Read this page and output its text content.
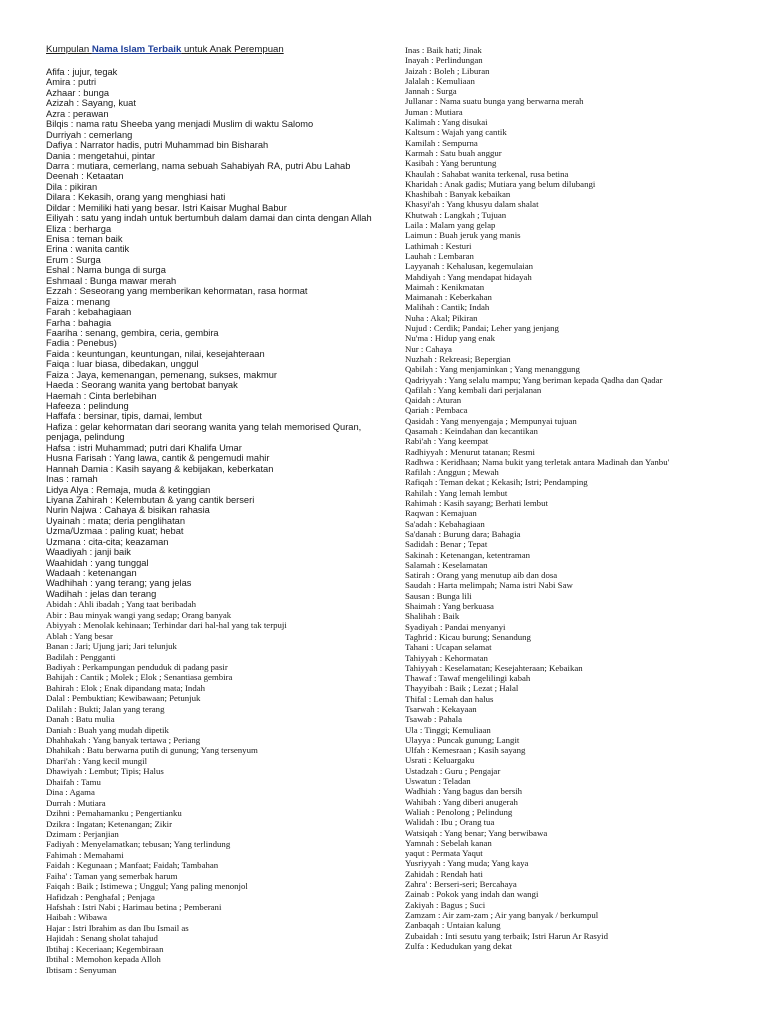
Kumpulan Nama Islam Terbaik untuk Anak Perempuan
Afifa : jujur, tegak
Amira : putri
Azhaar : bunga
Azizah : Sayang, kuat
Azra : perawan
Bilqis : nama ratu Sheeba yang menjadi Muslim di waktu Salomo
Durriyah : cemerlang
Dafiya : Narrator hadis, putri Muhammad bin Bisharah
Dania : mengetahui, pintar
Darra : mutiara, cemerlang, nama sebuah Sahabiyah RA, putri Abu Lahab
Deenah : Ketaatan
Dila : pikiran
Dilara : Kekasih, orang yang menghiasi hati
Dildar : Memiliki hati yang besar. Istri Kaisar Mughal Babur
Eiliyah : satu yang indah untuk bertumbuh dalam damai dan cinta dengan Allah
Eliza : berharga
Enisa : teman baik
Erina : wanita cantik
Erum : Surga
Eshal : Nama bunga di surga
Eshmaal : Bunga mawar merah
Ezzah : Seseorang yang memberikan kehormatan, rasa hormat
Faiza : menang
Farah : kebahagiaan
Farha : bahagia
Faariha : senang, gembira, ceria, gembira
Fadia : Penebus)
Faida : keuntungan, keuntungan, nilai, kesejahteraan
Faiqa : luar biasa, dibedakan, unggul
Faiza : Jaya, kemenangan, pemenang, sukses, makmur
Haeda : Seorang wanita yang bertobat banyak
Haemah : Cinta berlebihan
Hafeeza : pelindung
Haffafa : bersinar, tipis, damai, lembut
Hafiza : gelar kehormatan dari seorang wanita yang telah memorised Quran,
penjaga, pelindung
Hafsa : istri Muhammad; putri dari Khalifa Umar
Husna Farisah : Yang lawa, cantik & pengemudi mahir
Hannah Damia : Kasih sayang & kebijakan, keberkatan
Inas : ramah
Lidya Alya : Remaja, muda & ketinggian
Liyana Zahirah : Kelembutan & yang cantik berseri
Nurin Najwa : Cahaya & bisikan rahasia
Uyainah : mata; deria penglihatan
Uzma/Uzmaa : paling kuat; hebat
Uzmana : cita-cita; keazaman
Waadiyah : janji baik
Waahidah : yang tunggal
Wadaah : ketenangan
Wadhihah : yang terang; yang jelas
Wadihah : jelas dan terang
Abidah : Ahli ibadah ; Yang taat beribadah
Abir : Bau minyak wangi yang sedap; Orang banyak
Abiyyah : Menolak kehinaan; Terhindar dari hal-hal yang tak terpuji
Ablah : Yang besar
Banan : Jari; Ujung jari; Jari telunjuk
Badilah : Pengganti
Badiyah : Perkampungan penduduk di padang pasir
Bahijah : Cantik ; Molek ; Elok ; Senantiasa gembira
Bahirah : Elok ; Enak dipandang mata; Indah
Dalal : Pembuktian; Kewibawaan; Petunjuk
Dalilah : Bukti; Jalan yang terang
Danah : Batu mulia
Daniah : Buah yang mudah dipetik
Dhahhakah : Yang banyak tertawa ; Periang
Dhahikah : Batu berwarna putih di gunung; Yang tersenyum
Dhari'ah : Yang kecil mungil
Dhawiyah : Lembut; Tipis; Halus
Dhaifah : Tamu
Dina : Agama
Durrah : Mutiara
Dzihni : Pemahamanku ; Pengertianku
Dzikra : Ingatan; Ketenangan; Zikir
Dzimam : Perjanjian
Fadiyah : Menyelamatkan; tebusan; Yang terlindung
Fahimah : Memahami
Faidah : Kegunaan ; Manfaat; Faidah; Tambahan
Faiha' : Taman yang semerbak harum
Faiqah : Baik ; Istimewa ; Unggul; Yang paling menonjol
Hafidzah : Penghafal ; Penjaga
Hafshah : Istri Nabi ; Harimau betina ; Pemberani
Haibah : Wibawa
Hajar : Istri Ibrahim as dan Ibu Ismail as
Hajidah : Senang sholat tahajud
Ibtihaj : Keceriaan; Kegembiraan
Ibtihal : Memohon kepada Alloh
Ibtisam : Senyuman
Inas : Baik hati; Jinak
Inayah : Perlindungan
Jaizah : Boleh ; Liburan
Jalalah : Kemuliaan
Jannah : Surga
Jullanar : Nama suatu bunga yang berwarna merah
Juman : Mutiara
Kalimah : Yang disukai
Kaltsum : Wajah yang cantik
Kamilah : Sempurna
Karmah : Satu buah anggur
Kasibah : Yang beruntung
Khaulah : Sahabat wanita terkenal, rusa betina
Kharidah : Anak gadis; Mutiara yang belum dilubangi
Khashibah : Banyak kebaikan
Khasyi'ah : Yang khusyu dalam shalat
Khutwah : Langkah ; Tujuan
Laila : Malam yang gelap
Laimun : Buah jeruk yang manis
Lathimah : Kesturi
Lauhah : Lembaran
Layyanah : Kehalusan, kegemulaian
Mahdiyah : Yang mendapat hidayah
Maimah : Kenikmatan
Maimanah : Keberkahan
Malihah : Cantik; Indah
Nuha : Akal; Pikiran
Nujud : Cerdik; Pandai; Leher yang jenjang
Nu'ma : Hidup yang enak
Nur : Cahaya
Nuzhah : Rekreasi; Bepergian
Qabilah : Yang menjaminkan ; Yang menanggung
Qadriyyah : Yang selalu mampu; Yang beriman kepada Qadha dan Qadar
Qafilah : Yang kembali dari perjalanan
Qaidah : Aturan
Qariah : Pembaca
Qasidah : Yang menyengaja ; Mempunyai tujuan
Qasamah : Keindahan dan kecantikan
Rabi'ah : Yang keempat
Radhiyyah : Menurut tatanan; Resmi
Radhwa : Keridhaan; Nama bukit yang terletak antara Madinah dan Yanbu'
Rafilah : Anggun ; Mewah
Rafiqah : Teman dekat ; Kekasih; Istri; Pendamping
Rahilah : Yang lemah lembut
Rahimah : Kasih sayang; Berhati lembut
Raqwan : Kemajuan
Sa'adah : Kebahagiaan
Sa'danah : Burung dara; Bahagia
Sadidah : Benar ; Tepat
Sakinah : Ketenangan, ketentraman
Salamah : Keselamatan
Satirah : Orang yang menutup aib dan dosa
Saudah : Harta melimpah; Nama istri Nabi Saw
Sausan : Bunga lili
Shaimah : Yang berkuasa
Shalihah : Baik
Syadiyah : Pandai menyanyi
Taghrid : Kicau burung; Senandung
Tahani : Ucapan selamat
Tahiyyah : Kehormatan
Tahiyyah : Keselamatan; Kesejahteraan; Kebaikan
Thawaf : Tawaf mengelilingi kabah
Thayyibah : Baik ; Lezat ; Halal
Thifal : Lemah dan halus
Tsarwah : Kekayaan
Tsawab : Pahala
Ula : Tinggi; Kemuliaan
Ulayya : Puncak gunung; Langit
Ulfah : Kemesraan ; Kasih sayang
Usrati : Keluargaku
Ustadzah : Guru ; Pengajar
Uswatun : Teladan
Wadhiah : Yang bagus dan bersih
Wahibah : Yang diberi anugerah
Waliah : Penolong ; Pelindung
Walidah : Ibu ; Orang tua
Watsiqah : Yang benar; Yang berwibawa
Yamnah : Sebelah kanan
yaqut : Permata Yaqut
Yusriyyah : Yang muda; Yang kaya
Zahidah : Rendah hati
Zahra' : Berseri-seri; Bercahaya
Zainab : Pokok yang indah dan wangi
Zakiyah : Bagus ; Suci
Zamzam : Air zam-zam ; Air yang banyak / berkumpul
Zanbaqah : Untaian kalung
Zubaidah : Inti sesutu yang terbaik; Istri Harun Ar Rasyid
Zulfa : Kedudukan yang dekat
